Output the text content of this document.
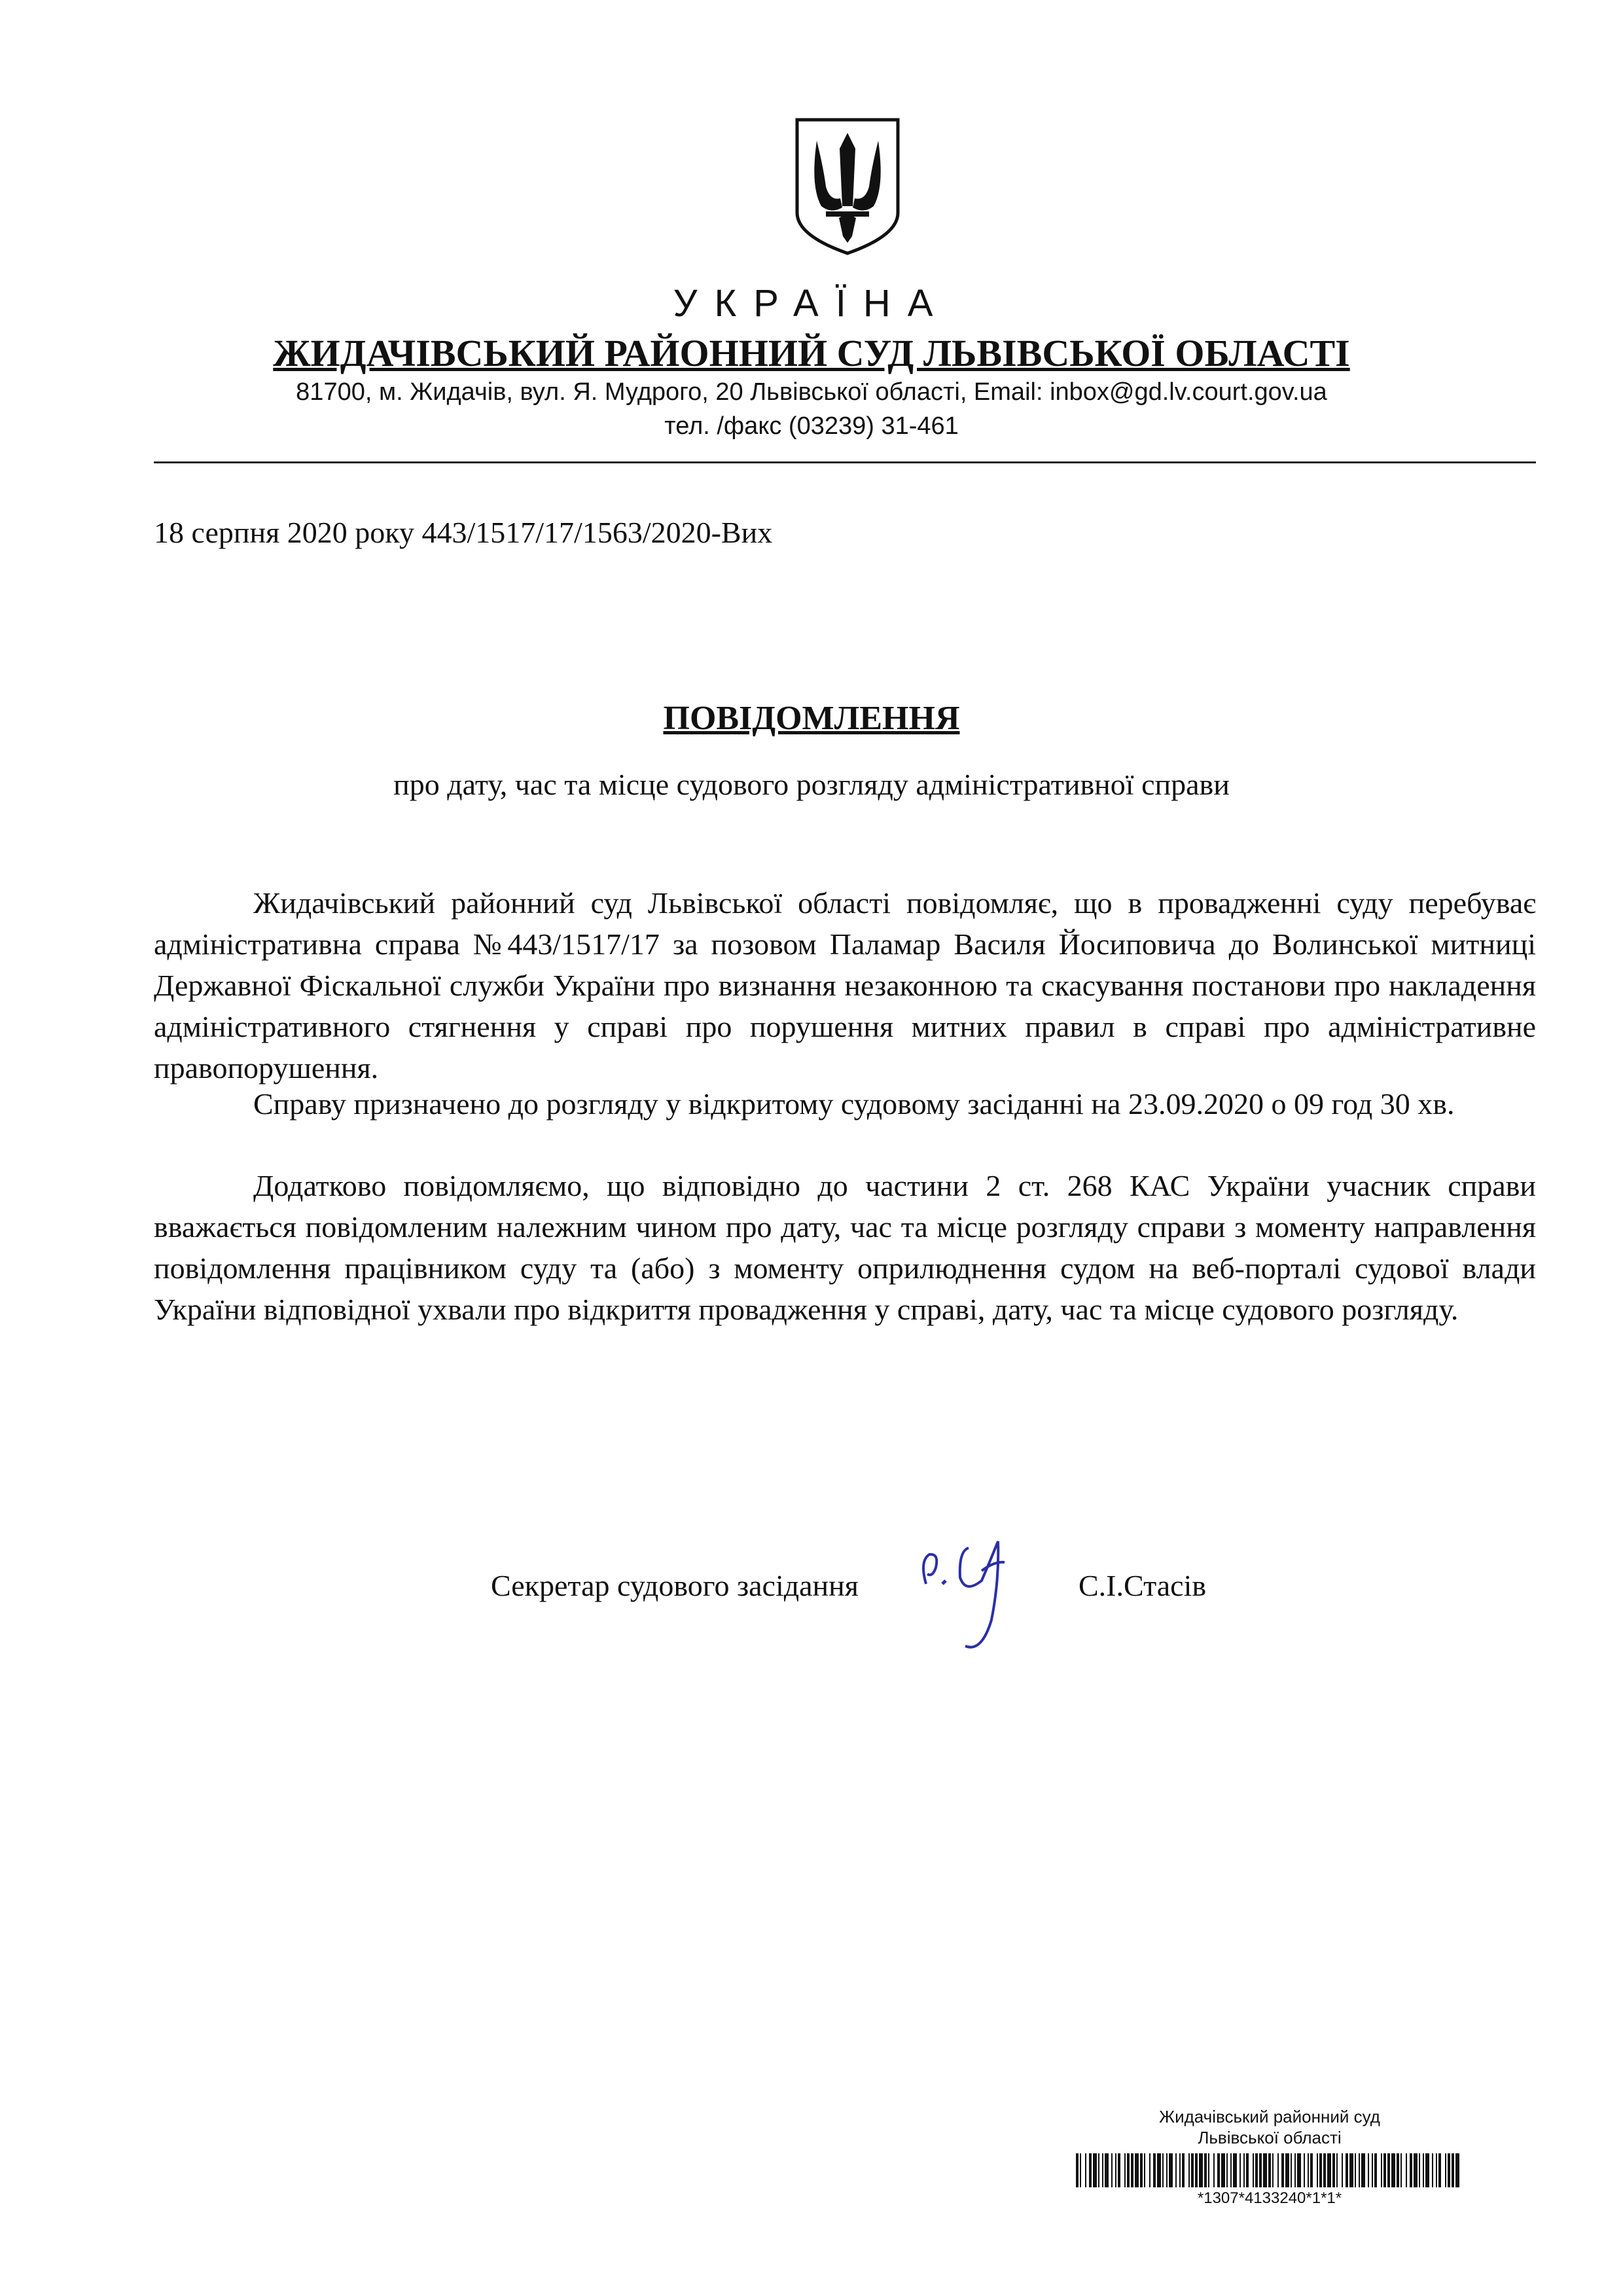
УКРАЇНА
ЖИДАЧІВСЬКИЙ РАЙОННИЙ СУД ЛЬВІВСЬКОЇ ОБЛАСТІ
81700, м. Жидачів, вул. Я. Мудрого, 20 Львівської області, Email: inbox@gd.lv.court.gov.ua
тел. /факс (03239) 31-461
18 серпня 2020 року 443/1517/17/1563/2020-Вих
ПОВІДОМЛЕННЯ
про дату, час та місце судового розгляду адміністративної справи

Жидачівський районний суд Львівської області повідомляє, що в провадженні суду перебуває адміністративна справа №443/1517/17 за позовом Паламар Василя Йосиповича до Волинської митниці Державної Фіскальної служби України про визнання незаконною та скасування постанови про накладення адміністративного стягнення у справі про порушення митних правил в справі про адміністративне правопорушення.

Справу призначено до розгляду у відкритому судовому засіданні на 23.09.2020 о 09 год 30 хв.

Додатково повідомляємо, що відповідно до частини 2 ст. 268 КАС України учасник справи вважається повідомленим належним чином про дату, час та місце розгляду справи з моменту направлення повідомлення працівником суду та (або) з моменту оприлюднення судом на веб-порталі судової влади України відповідної ухвали про відкриття провадження у справі, дату, час та місце судового розгляду.

Секретар судового засідання	С.І.Стасів
Жидачівський районний суд
Львівської області
*1307*4133240*1*1*
